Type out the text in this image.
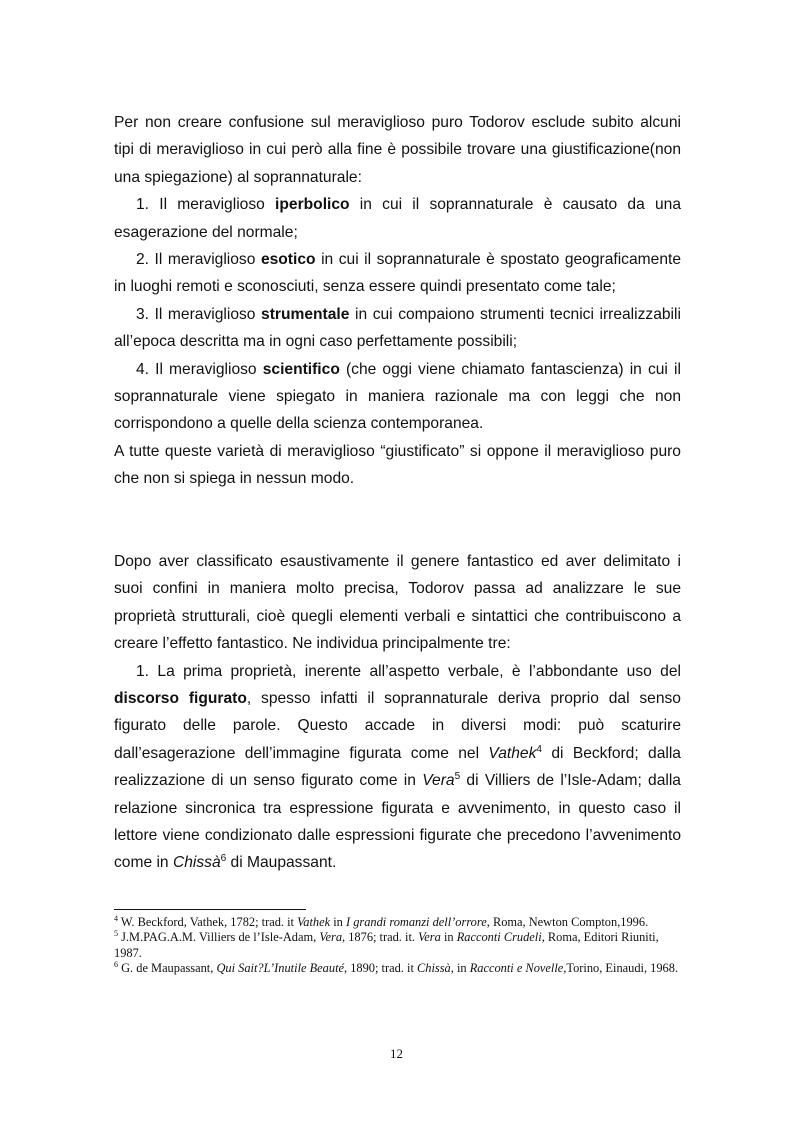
Per non creare confusione sul meraviglioso puro Todorov esclude subito alcuni tipi di meraviglioso in cui però alla fine è possibile trovare una giustificazione(non una spiegazione) al soprannaturale:

1. Il meraviglioso iperbolico in cui il soprannaturale è causato da una esagerazione del normale;

2. Il meraviglioso esotico in cui il soprannaturale è spostato geograficamente in luoghi remoti e sconosciuti, senza essere quindi presentato come tale;

3. Il meraviglioso strumentale in cui compaiono strumenti tecnici irrealizzabili all’epoca descritta ma in ogni caso perfettamente possibili;

4. Il meraviglioso scientifico (che oggi viene chiamato fantascienza) in cui il soprannaturale viene spiegato in maniera razionale ma con leggi che non corrispondono a quelle della scienza contemporanea.

A tutte queste varietà di meraviglioso “giustificato” si oppone il meraviglioso puro che non si spiega in nessun modo.

Dopo aver classificato esaustivamente il genere fantastico ed aver delimitato i suoi confini in maniera molto precisa, Todorov passa ad analizzare le sue proprietà strutturali, cioè quegli elementi verbali e sintattici che contribuiscono a creare l’effetto fantastico. Ne individua principalmente tre:

1. La prima proprietà, inerente all’aspetto verbale, è l’abbondante uso del discorso figurato, spesso infatti il soprannaturale deriva proprio dal senso figurato delle parole. Questo accade in diversi modi: può scaturire dall’esagerazione dell’immagine figurata come nel Vathek$^4$ di Beckford; dalla realizzazione di un senso figurato come in Vera$^5$ di Villiers de l’Isle-Adam; dalla relazione sincronica tra espressione figurata e avvenimento, in questo caso il lettore viene condizionato dalle espressioni figurate che precedono l’avvenimento come in Chissà$^6$ di Maupassant.

$^4$ W. Beckford, Vathek, 1782; trad. it Vathek in I grandi romanzi dell’orrore, Roma, Newton Compton,1996.

$^5$ J.M.PAG.A.M. Villiers de l’Isle-Adam, Vera, 1876; trad. it. Vera in Racconti Crudeli, Roma, Editori Riuniti, 1987.

$^6$ G. de Maupassant, Qui Sait?L’Inutile Beauté, 1890; trad. it Chissà, in Racconti e Novelle,Torino, Einaudi, 1968.

12
